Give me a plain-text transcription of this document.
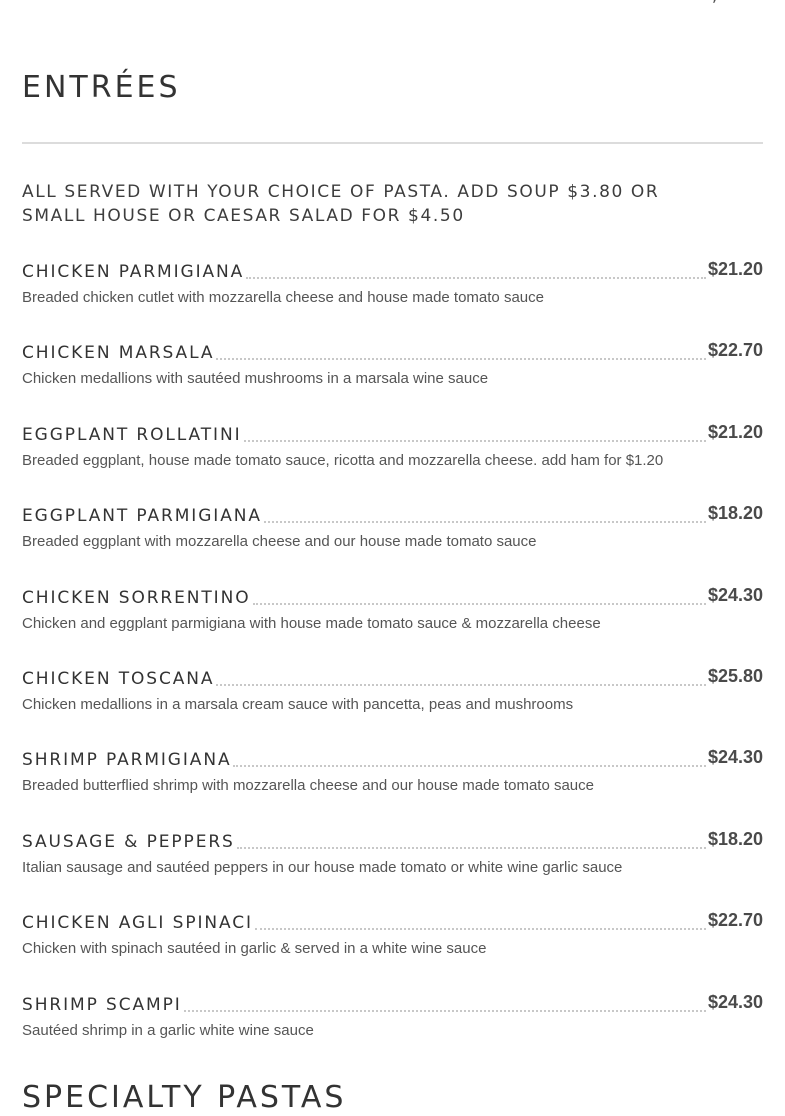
ENTRÉES

ALL SERVED WITH YOUR CHOICE OF PASTA. ADD SOUP $3.80 OR SMALL HOUSE OR CAESAR SALAD FOR $4.50

CHICKEN PARMIGIANA	$21.20
Breaded chicken cutlet with mozzarella cheese and house made tomato sauce
CHICKEN MARSALA	$22.70
Chicken medallions with sautéed mushrooms in a marsala wine sauce
EGGPLANT ROLLATINI	$21.20
Breaded eggplant, house made tomato sauce, ricotta and mozzarella cheese. add ham for $1.20
EGGPLANT PARMIGIANA	$18.20
Breaded eggplant with mozzarella cheese and our house made tomato sauce
CHICKEN SORRENTINO	$24.30
Chicken and eggplant parmigiana with house made tomato sauce & mozzarella cheese
CHICKEN TOSCANA	$25.80
Chicken medallions in a marsala cream sauce with pancetta, peas and mushrooms
SHRIMP PARMIGIANA	$24.30
Breaded butterflied shrimp with mozzarella cheese and our house made tomato sauce
SAUSAGE & PEPPERS	$18.20
Italian sausage and sautéed peppers in our house made tomato or white wine garlic sauce
CHICKEN AGLI SPINACI	$22.70
Chicken with spinach sautéed in garlic & served in a white wine sauce
SHRIMP SCAMPI	$24.30
Sautéed shrimp in a garlic white wine sauce
SPECIALTY PASTAS
